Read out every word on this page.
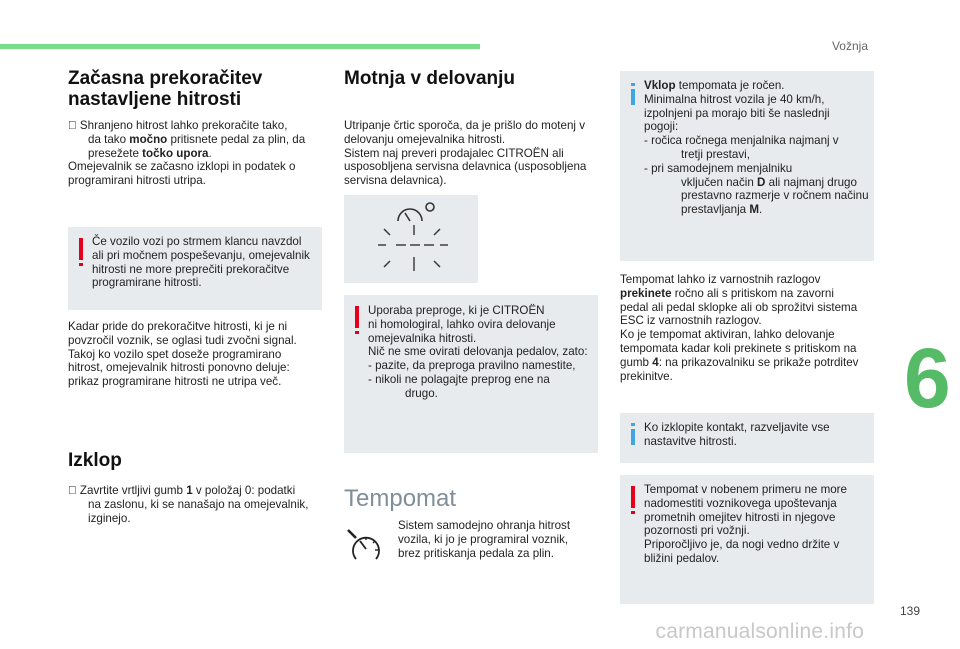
Vožnja
6
139
carmanualsonline.info
Začasna prekoračitev
nastavljene hitrosti
Shranjeno hitrost lahko prekoračite tako,
da tako močno pritisnete pedal za plin, da
presežete točko upora.
Omejevalnik se začasno izklopi in podatek o
programirani hitrosti utripa.
Če vozilo vozi po strmem klancu navzdol
ali pri močnem pospeševanju, omejevalnik
hitrosti ne more preprečiti prekoračitve
programirane hitrosti.
Kadar pride do prekoračitve hitrosti, ki je ni
povzročil voznik, se oglasi tudi zvočni signal.
Takoj ko vozilo spet doseže programirano
hitrost, omejevalnik hitrosti ponovno deluje:
prikaz programirane hitrosti ne utripa več.
Izklop
Zavrtite vrtljivi gumb 1 v položaj 0: podatki
na zaslonu, ki se nanašajo na omejevalnik,
izginejo.
Motnja v delovanju
Utripanje črtic sporoča, da je prišlo do motenj v
delovanju omejevalnika hitrosti.
Sistem naj preveri prodajalec CITROËN ali
usposobljena servisna delavnica (usposobljena
servisna delavnica).
Uporaba preproge, ki je CITROËN
ni homologiral, lahko ovira delovanje
omejevalnika hitrosti.
Nič ne sme ovirati delovanja pedalov, zato:
- pazite, da preproga pravilno namestite,
- nikoli ne polagajte preprog ene na
drugo.
Tempomat
Sistem samodejno ohranja hitrost
vozila, ki jo je programiral voznik,
brez pritiskanja pedala za plin.
Vklop tempomata je ročen.
Minimalna hitrost vozila je 40 km/h,
izpolnjeni pa morajo biti še naslednji
pogoji:
- ročica ročnega menjalnika najmanj v
tretji prestavi,
- pri samodejnem menjalniku
vključen način D ali najmanj drugo
prestavno razmerje v ročnem načinu
prestavljanja M.
Tempomat lahko iz varnostnih razlogov
prekinete ročno ali s pritiskom na zavorni
pedal ali pedal sklopke ali ob sprožitvi sistema
ESC iz varnostnih razlogov.
Ko je tempomat aktiviran, lahko delovanje
tempomata kadar koli prekinete s pritiskom na
gumb 4: na prikazovalniku se prikaže potrditev
prekinitve.
Ko izklopite kontakt, razveljavite vse
nastavitve hitrosti.
Tempomat v nobenem primeru ne more
nadomestiti voznikovega upoštevanja
prometnih omejitev hitrosti in njegove
pozornosti pri vožnji.
Priporočljivo je, da nogi vedno držite v
bližini pedalov.
